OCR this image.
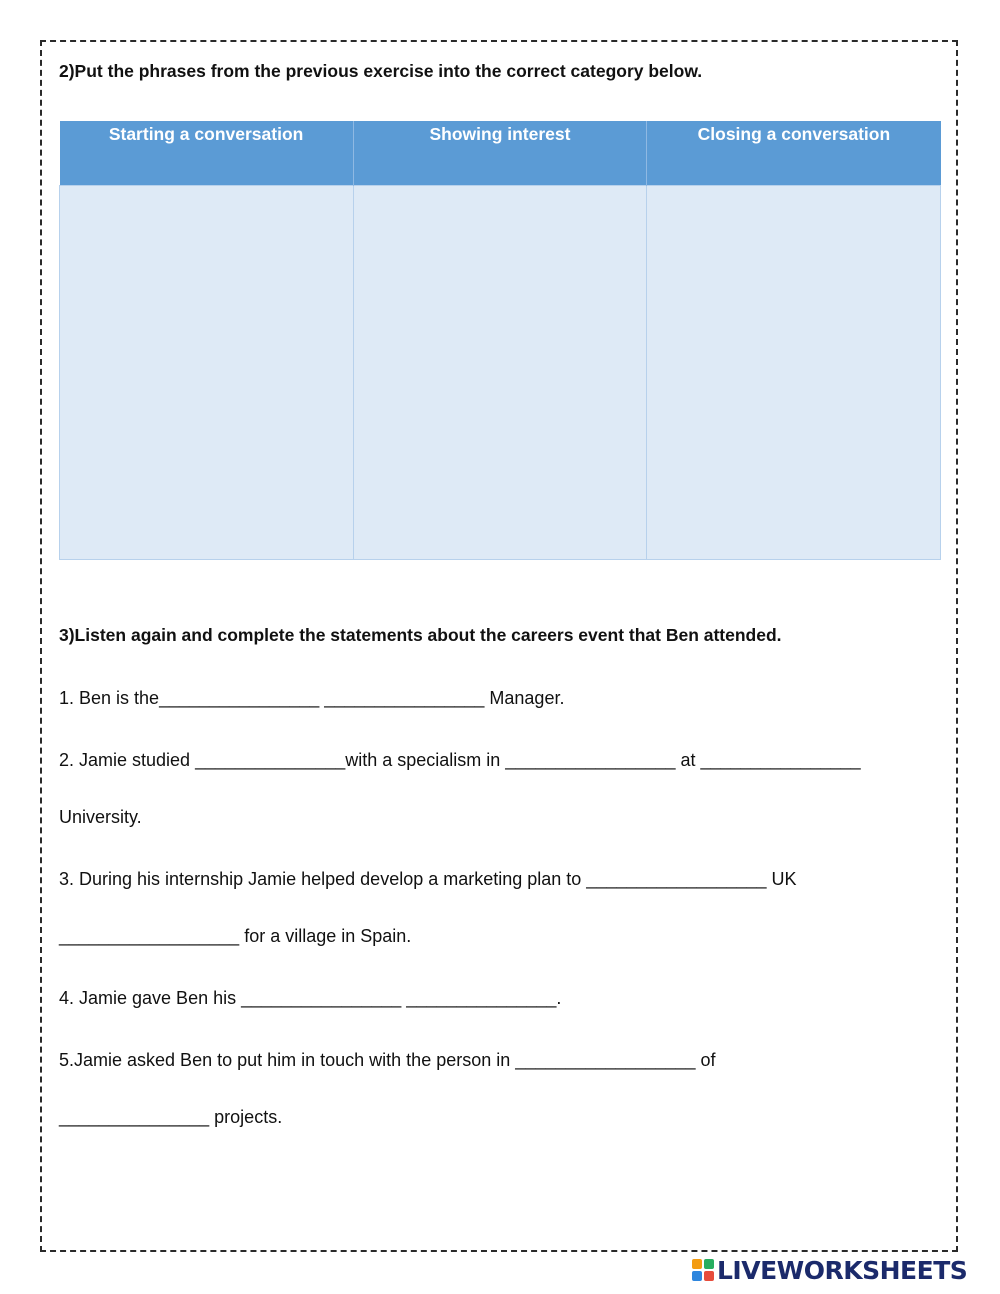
2)Put the phrases from the previous exercise into the correct category below.
Starting a conversation	Showing interest	Closing a conversation

3)Listen again and complete the statements about the careers event that Ben attended.
1. Ben is the________________ ________________ Manager.
2. Jamie studied _______________with a specialism in _________________ at ________________
University.
3. During his internship Jamie helped develop a marketing plan to __________________ UK
__________________ for a village in Spain.
4. Jamie gave Ben his ________________ _______________.
5.Jamie asked Ben to put him in touch with the person in __________________ of
_______________ projects.
LIVEWORKSHEETS
